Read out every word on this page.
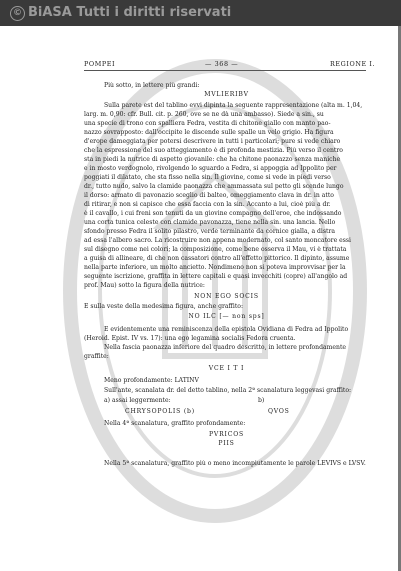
© BiASA Tutti i diritti riservati
POMPEI	— 368 —	REGIONE I.
Più sotto, in lettere più grandi:
MVLIERIBV
Sulla parete est del tablino evvi dipinta la seguente rappresentazione (alta m. 1,04,
larg. m. 0,90: cfr. Bull. cit. p. 260, ove se ne dà una ambasso). Siede a sin., su
una specie di trono con spalliera Fedra, vestita di chitone giallo con manto pao-
nazzo sovrapposto: dall'occipite le discende sulle spalle un velo grigio. Ha figura
d'erope dameggiata per potersi descrivere in tutti i particolari; pure si vede chiaro
che la espressione del suo atteggiamento è di profonda mestizia. Più verso il centro
sta in piedi la nutrice di aspetto giovanile: che ha chitone paonazzo senza maniche
e in mosto verdognolo, rivolgendo lo sguardo a Fedra, si appoggia ad Ippolito per
poggiati il dilatato, che sta fisso nella sin. Il giovine, come si vede in piedi verso
dr., tutto nudo, salvo la clamide paonazza che ammassata sul petto gli scende lungo
il dorso: armato di pavonazio sceglio di balteo, omeggiamento clava in dr. in atto
di ritirar, e non si capisce che essa faccia con la sin. Accanto a lui, cioè più a dr.
è il cavallo, i cui freni son tenuti da un giovine compagno dell'eroe, che indossando
una corta tunica celeste con clamide pavonazza, tiene nella sin. una lancia. Nello
sfondo presso Fedra il solito pilastro, verde terminante da cornice gialla, a distra
ad essa l'albero sacro. La ricostruire non appena modernato, col santo moncatore essi
sul disegno come nei colori; la composizione, come bene osserva il Mau, vi è trattata
a guisa di allineare, di che non cassatori contro all'effetto pittorico. Il dipinto, assume
nella parte inferiore, un molto ancietto. Nondimeno non si poteva improvvisar per la
seguente iscrizione, graffita in lettere capitali e quasi invecchiti (copre) all'angolo ad
prof. Mau) sotto la figura della nutrice:
NON EGO SOCIS
E sulla veste della medesima figura, anche graffito:
NO ILC [— non sps]
È evidentemente una reminiscenza della epistola Ovidiana di Fedra ad Ippolito
(Heroid. Epist. IV vs. 17): una ego legamina socialis Fedora cruenta.
Nella fascia paonazza inferiore del quadro descritto, in lettere profondamente
graffite:
VCE I T I
Meno profondamente: LATINV
Sull'ante, scanalata dr. del detto tablino, nella 2ª scanalatura leggevasi graffito:
a) assai leggermente:	b)
CHRYSOPOLIS (b)	QVOS
Nella 4ª scanalatura, graffito profondamente:
PVRICOS
PIIS
Nella 5ª scanalatura, graffito più o meno incompiutamente le parole LEVIVS e LVSV.
